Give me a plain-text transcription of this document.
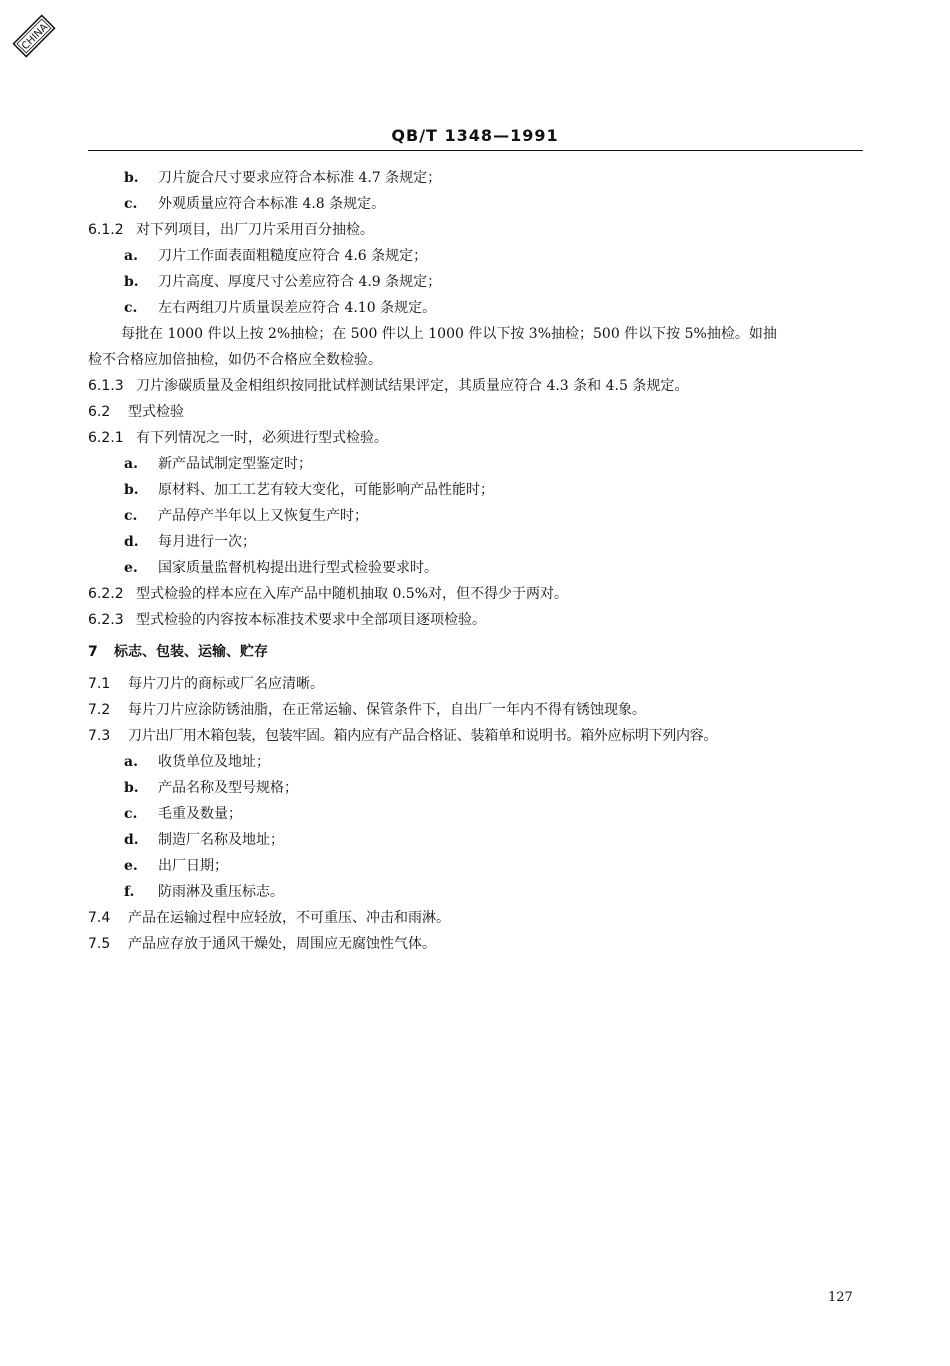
CHINA
QB/T 1348—1991
b. 刀片旋合尺寸要求应符合本标准 4.7 条规定；
c. 外观质量应符合本标准 4.8 条规定。
6.1.2 对下列项目，出厂刀片采用百分抽检。
a. 刀片工作面表面粗糙度应符合 4.6 条规定；
b. 刀片高度、厚度尺寸公差应符合 4.9 条规定；
c. 左右两组刀片质量误差应符合 4.10 条规定。
每批在 1000 件以上按 2%抽检；在 500 件以上 1000 件以下按 3%抽检；500 件以下按 5%抽检。如抽
检不合格应加倍抽检，如仍不合格应全数检验。
6.1.3 刀片渗碳质量及金相组织按同批试样测试结果评定，其质量应符合 4.3 条和 4.5 条规定。
6.2 型式检验
6.2.1 有下列情况之一时，必须进行型式检验。
a. 新产品试制定型鉴定时；
b. 原材料、加工工艺有较大变化，可能影响产品性能时；
c. 产品停产半年以上又恢复生产时；
d. 每月进行一次；
e. 国家质量监督机构提出进行型式检验要求时。
6.2.2 型式检验的样本应在入库产品中随机抽取 0.5%对，但不得少于两对。
6.2.3 型式检验的内容按本标准技术要求中全部项目逐项检验。
7 标志、包装、运输、贮存
7.1 每片刀片的商标或厂名应清晰。
7.2 每片刀片应涂防锈油脂，在正常运输、保管条件下，自出厂一年内不得有锈蚀现象。
7.3 刀片出厂用木箱包装，包装牢固。箱内应有产品合格证、装箱单和说明书。箱外应标明下列内容。
a. 收货单位及地址；
b. 产品名称及型号规格；
c. 毛重及数量；
d. 制造厂名称及地址；
e. 出厂日期；
f. 防雨淋及重压标志。
7.4 产品在运输过程中应轻放，不可重压、冲击和雨淋。
7.5 产品应存放于通风干燥处，周围应无腐蚀性气体。
127
